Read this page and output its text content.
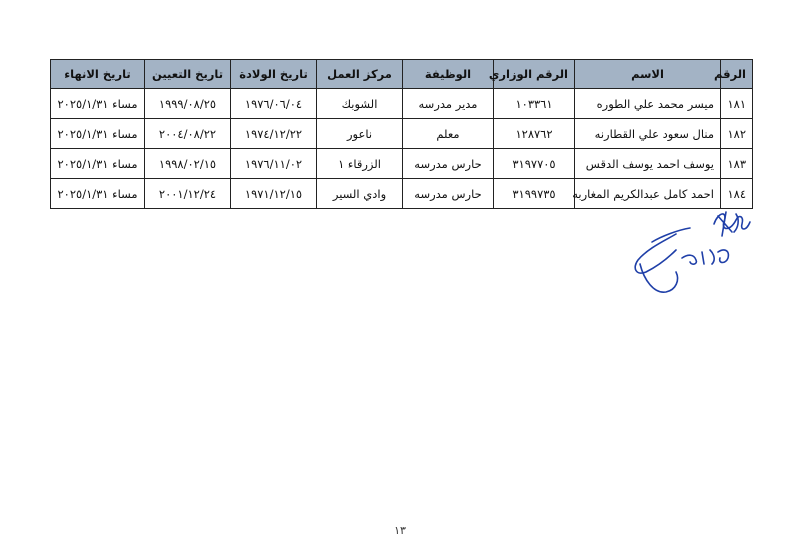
الرقم	الاسم	الرقم الوزاري	الوظيفة	مركز العمل	تاريخ الولادة	تاريخ التعيين	تاريخ الانهاء
١٨١	ميسر محمد علي الطوره	١٠٣٣٦١	مدير مدرسه	الشوبك	١٩٧٦/٠٦/٠٤	١٩٩٩/٠٨/٢٥	مساء ٢٠٢٥/١/٣١
١٨٢	منال سعود علي القطارنه	١٢٨٧٦٢	معلم	ناعور	١٩٧٤/١٢/٢٢	٢٠٠٤/٠٨/٢٢	مساء ٢٠٢٥/١/٣١
١٨٣	يوسف احمد يوسف الدقس	٣١٩٧٧٠٥	حارس مدرسه	الزرقاء ١	١٩٧٦/١١/٠٢	١٩٩٨/٠٢/١٥	مساء ٢٠٢٥/١/٣١
١٨٤	احمد كامل عبدالكريم المغاربه	٣١٩٩٧٣٥	حارس مدرسه	وادي السير	١٩٧١/١٢/١٥	٢٠٠١/١٢/٢٤	مساء ٢٠٢٥/١/٣١
١٣
